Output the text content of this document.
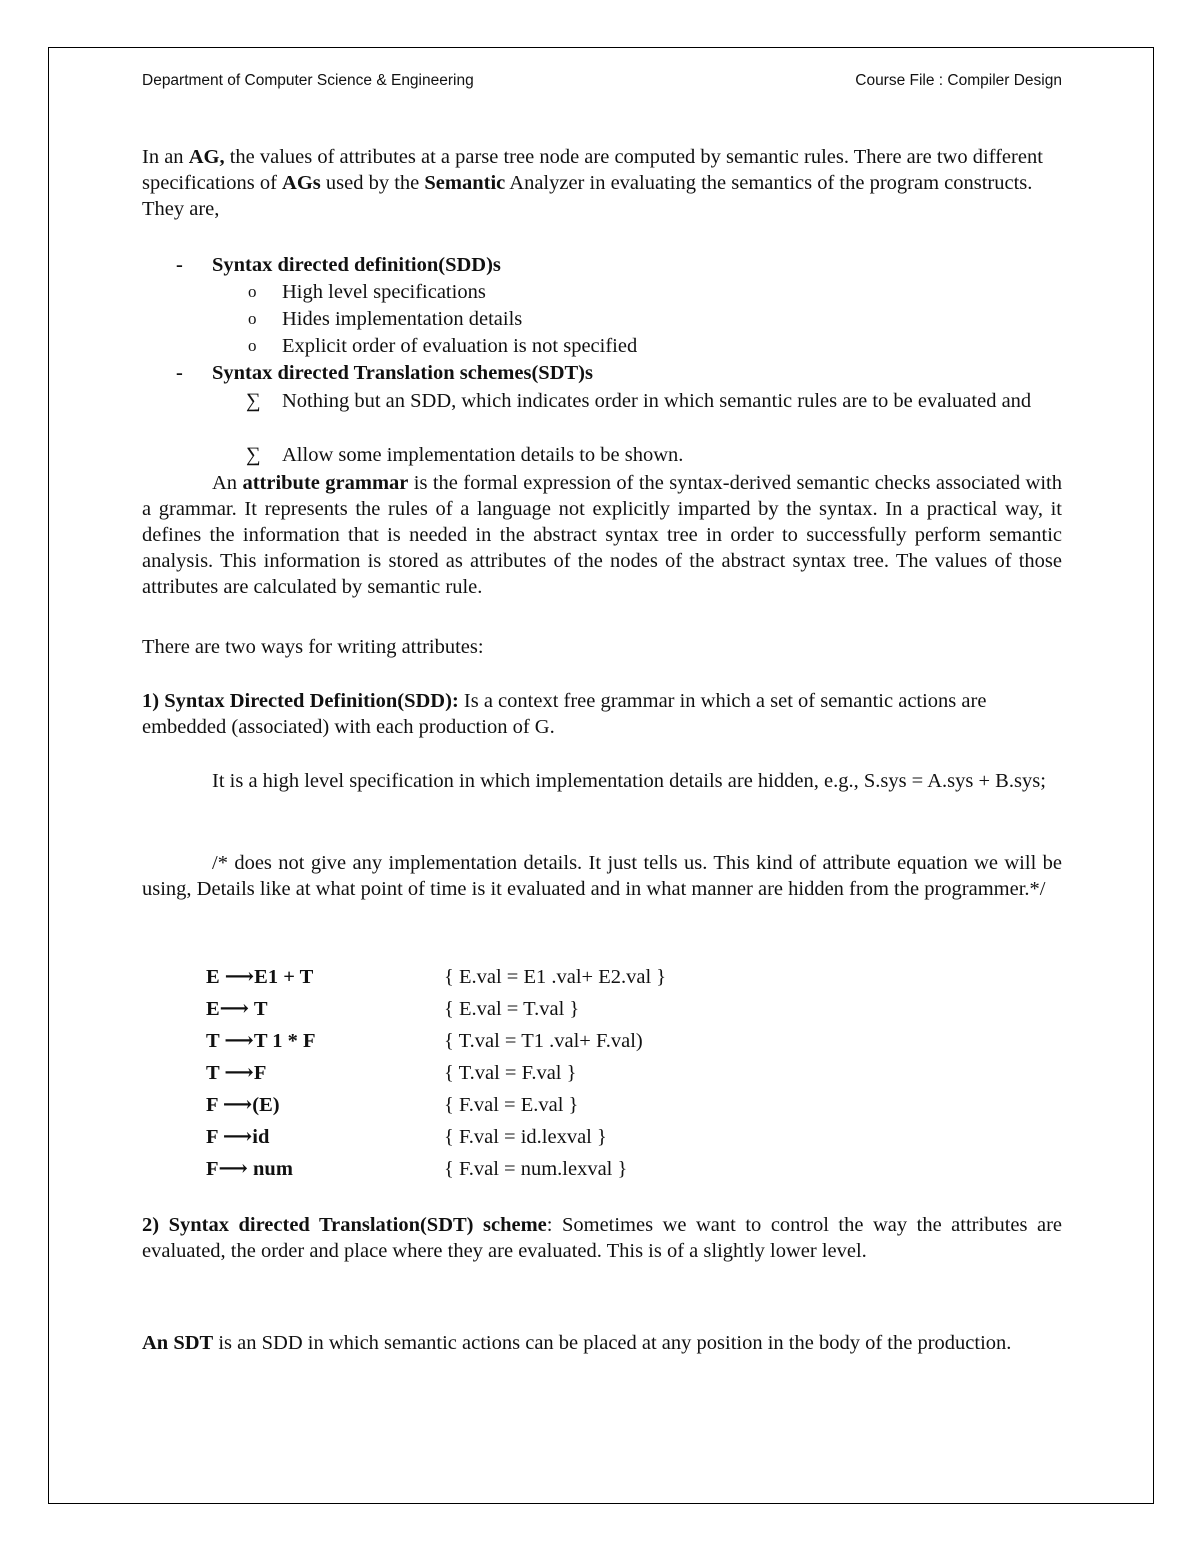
Department of Computer Science & Engineering	Course File : Compiler Design

In an AG, the values of attributes at a parse tree node are computed by semantic rules. There are two different specifications of AGs used by the Semantic Analyzer in evaluating the semantics of the program constructs. They are,

- Syntax directed definition(SDD)s
o High level specifications
o Hides implementation details
o Explicit order of evaluation is not specified
- Syntax directed Translation schemes(SDT)s
∑ Nothing but an SDD, which indicates order in which semantic rules are to be evaluated and
∑ Allow some implementation details to be shown.

An attribute grammar is the formal expression of the syntax-derived semantic checks associated with a grammar. It represents the rules of a language not explicitly imparted by the syntax. In a practical way, it defines the information that is needed in the abstract syntax tree in order to successfully perform semantic analysis. This information is stored as attributes of the nodes of the abstract syntax tree. The values of those attributes are calculated by semantic rule.

There are two ways for writing attributes:

1) Syntax Directed Definition(SDD): Is a context free grammar in which a set of semantic actions are embedded (associated) with each production of G.

It is a high level specification in which implementation details are hidden, e.g., S.sys = A.sys + B.sys;

/* does not give any implementation details. It just tells us. This kind of attribute equation we will be using, Details like at what point of time is it evaluated and in what manner are hidden from the programmer.*/

E ⟶E1 + T	{ E.val = E1 .val+ E2.val }
E⟶ T	{ E.val = T.val }
T ⟶T 1 * F	{ T.val = T1 .val+ F.val)
T ⟶F	{ T.val = F.val }
F ⟶(E)	{ F.val = E.val }
F ⟶id	{ F.val = id.lexval }
F⟶ num	{ F.val = num.lexval }

2) Syntax directed Translation(SDT) scheme: Sometimes we want to control the way the attributes are evaluated, the order and place where they are evaluated. This is of a slightly lower level.

An SDT is an SDD in which semantic actions can be placed at any position in the body of the production.
